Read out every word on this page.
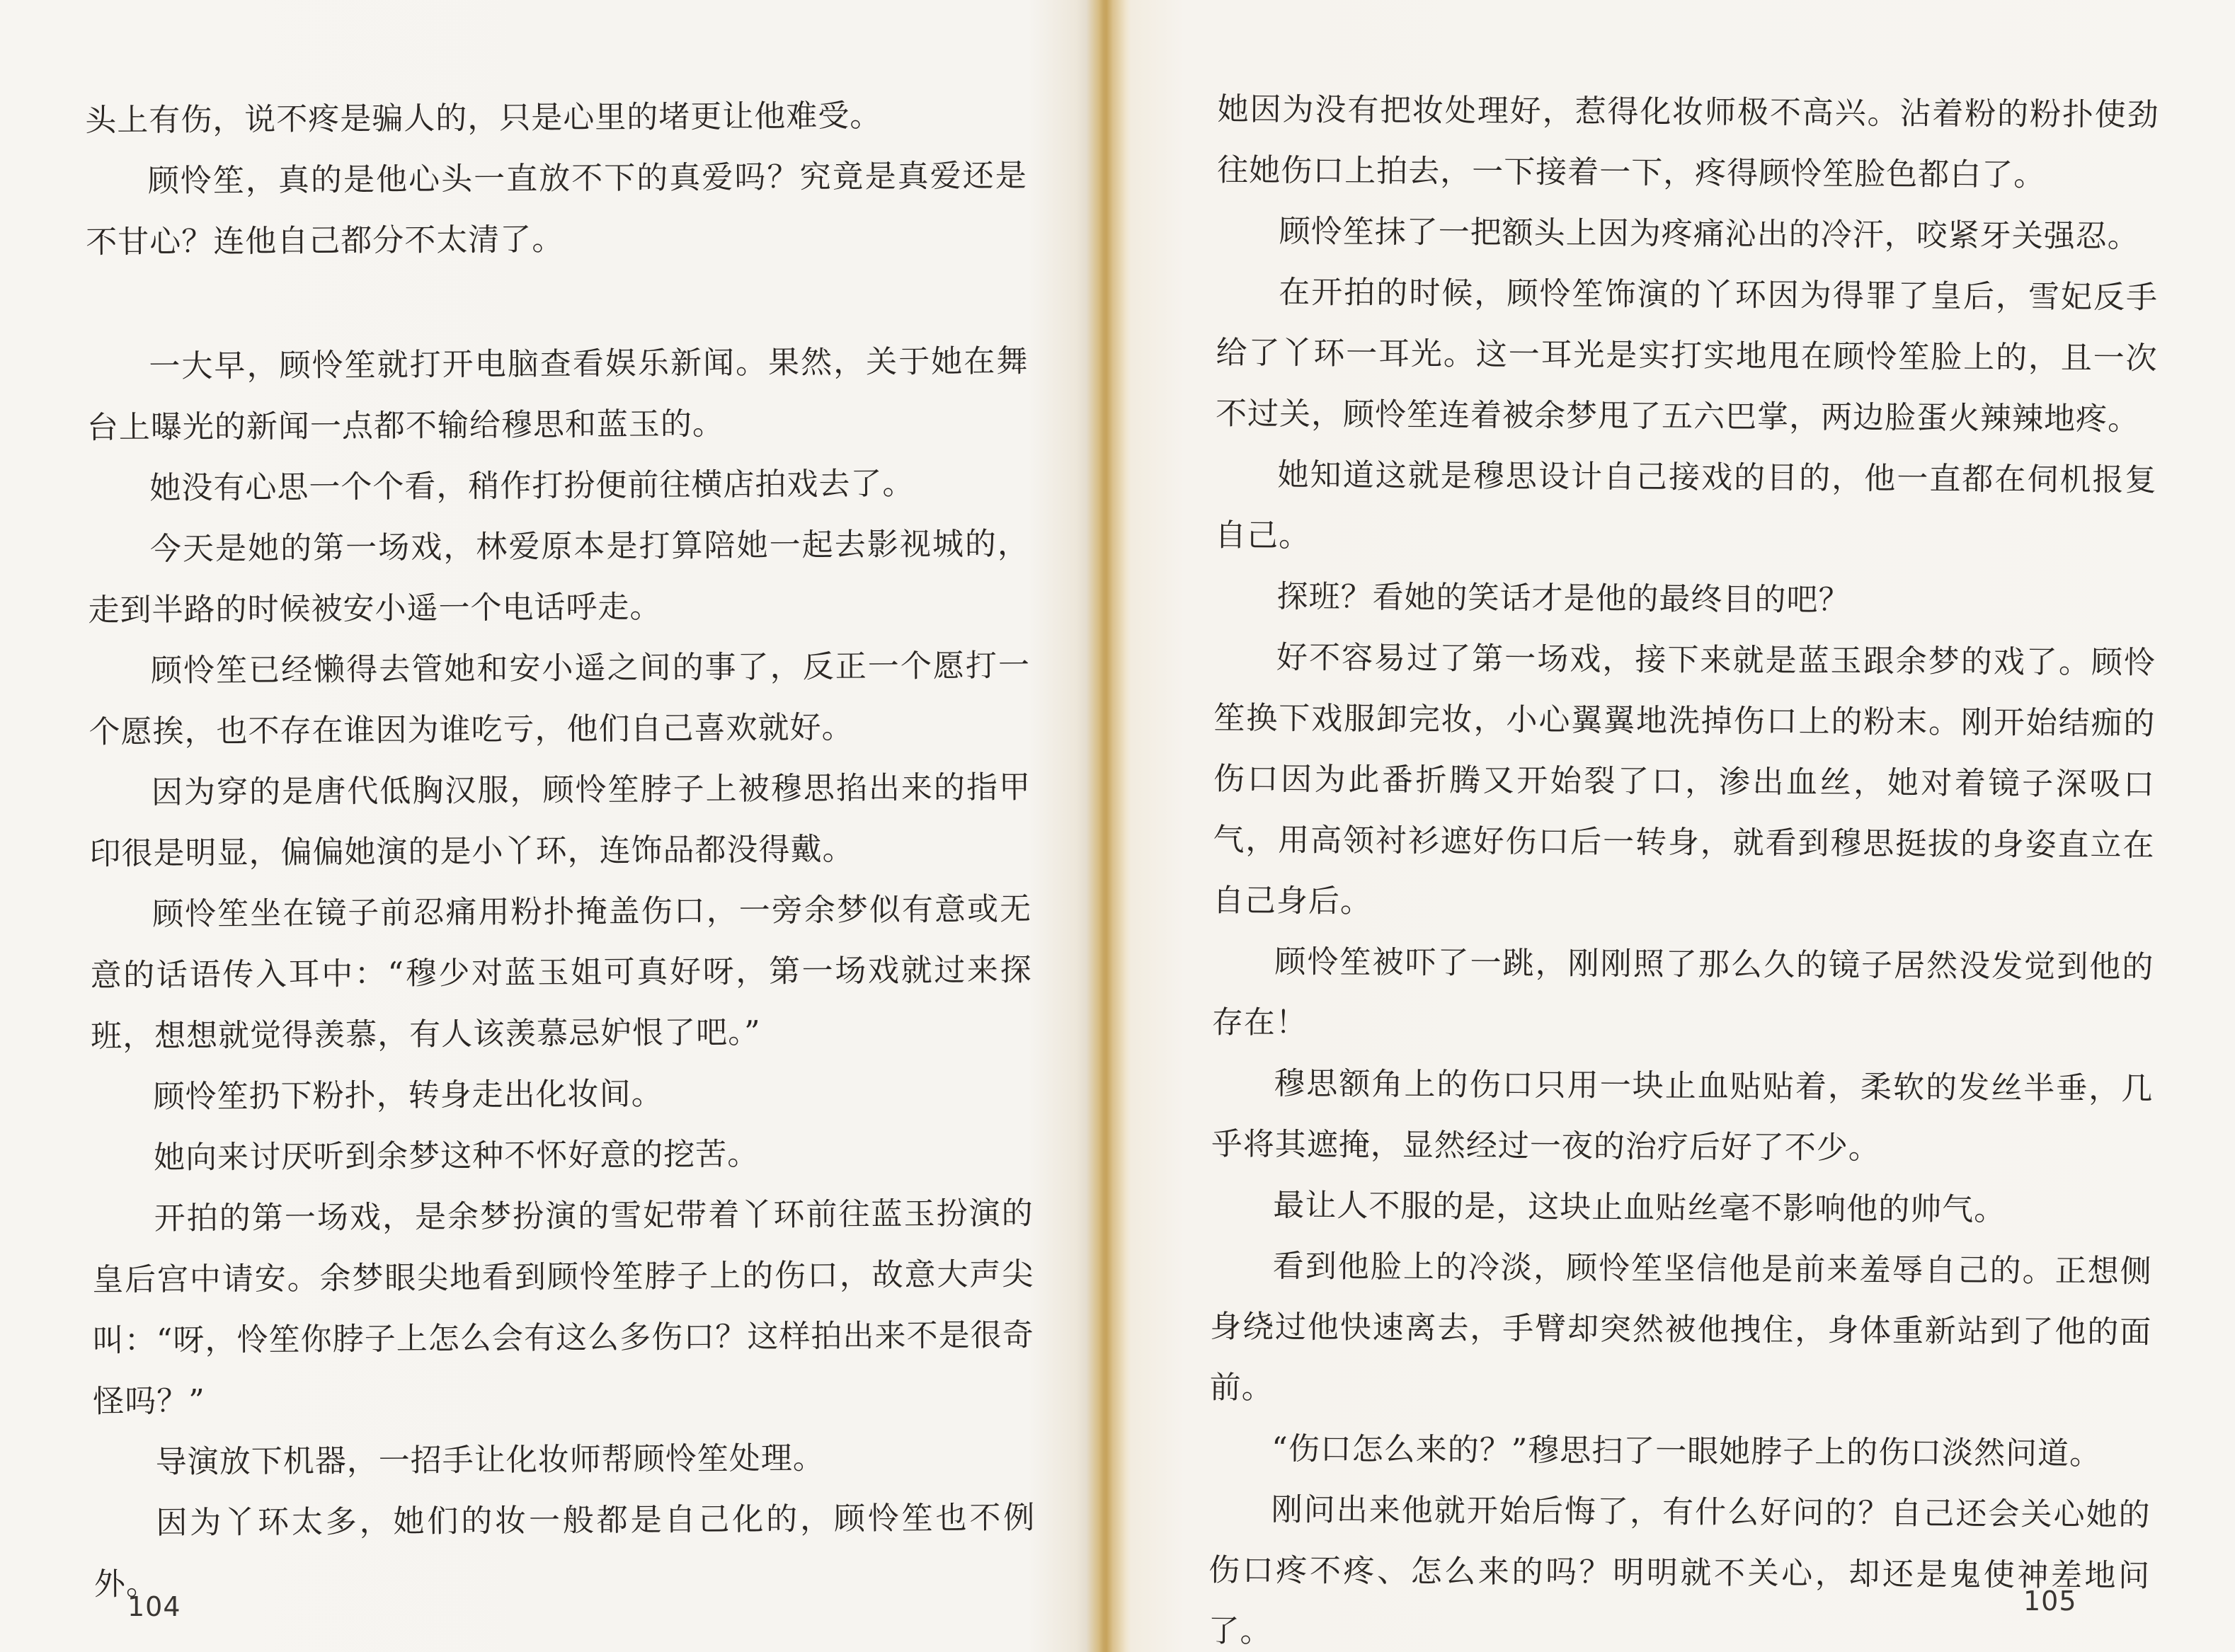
头上有伤，说不疼是骗人的，只是心里的堵更让他难受。

顾怜笙，真的是他心头一直放不下的真爱吗？究竟是真爱还是不甘心？连他自己都分不太清了。

一大早，顾怜笙就打开电脑查看娱乐新闻。果然，关于她在舞台上曝光的新闻一点都不输给穆思和蓝玉的。

她没有心思一个个看，稍作打扮便前往横店拍戏去了。

今天是她的第一场戏，林爱原本是打算陪她一起去影视城的，走到半路的时候被安小遥一个电话呼走。

顾怜笙已经懒得去管她和安小遥之间的事了，反正一个愿打一个愿挨，也不存在谁因为谁吃亏，他们自己喜欢就好。

因为穿的是唐代低胸汉服，顾怜笙脖子上被穆思掐出来的指甲印很是明显，偏偏她演的是小丫环，连饰品都没得戴。

顾怜笙坐在镜子前忍痛用粉扑掩盖伤口，一旁余梦似有意或无意的话语传入耳中：“穆少对蓝玉姐可真好呀，第一场戏就过来探班，想想就觉得羡慕，有人该羡慕忌妒恨了吧。”

顾怜笙扔下粉扑，转身走出化妆间。

她向来讨厌听到余梦这种不怀好意的挖苦。

开拍的第一场戏，是余梦扮演的雪妃带着丫环前往蓝玉扮演的皇后宫中请安。余梦眼尖地看到顾怜笙脖子上的伤口，故意大声尖叫：“呀，怜笙你脖子上怎么会有这么多伤口？这样拍出来不是很奇怪吗？”

导演放下机器，一招手让化妆师帮顾怜笙处理。

因为丫环太多，她们的妆一般都是自己化的，顾怜笙也不例外。

104

她因为没有把妆处理好，惹得化妆师极不高兴。沾着粉的粉扑使劲往她伤口上拍去，一下接着一下，疼得顾怜笙脸色都白了。

顾怜笙抹了一把额头上因为疼痛沁出的冷汗，咬紧牙关强忍。

在开拍的时候，顾怜笙饰演的丫环因为得罪了皇后，雪妃反手给了丫环一耳光。这一耳光是实打实地甩在顾怜笙脸上的，且一次不过关，顾怜笙连着被余梦甩了五六巴掌，两边脸蛋火辣辣地疼。

她知道这就是穆思设计自己接戏的目的，他一直都在伺机报复自己。

探班？看她的笑话才是他的最终目的吧？

好不容易过了第一场戏，接下来就是蓝玉跟余梦的戏了。顾怜笙换下戏服卸完妆，小心翼翼地洗掉伤口上的粉末。刚开始结痂的伤口因为此番折腾又开始裂了口，渗出血丝，她对着镜子深吸口气，用高领衬衫遮好伤口后一转身，就看到穆思挺拔的身姿直立在自己身后。

顾怜笙被吓了一跳，刚刚照了那么久的镜子居然没发觉到他的存在！

穆思额角上的伤口只用一块止血贴贴着，柔软的发丝半垂，几乎将其遮掩，显然经过一夜的治疗后好了不少。

最让人不服的是，这块止血贴丝毫不影响他的帅气。

看到他脸上的冷淡，顾怜笙坚信他是前来羞辱自己的。正想侧身绕过他快速离去，手臂却突然被他拽住，身体重新站到了他的面前。

“伤口怎么来的？”穆思扫了一眼她脖子上的伤口淡然问道。

刚问出来他就开始后悔了，有什么好问的？自己还会关心她的伤口疼不疼、怎么来的吗？明明就不关心，却还是鬼使神差地问了。

105
